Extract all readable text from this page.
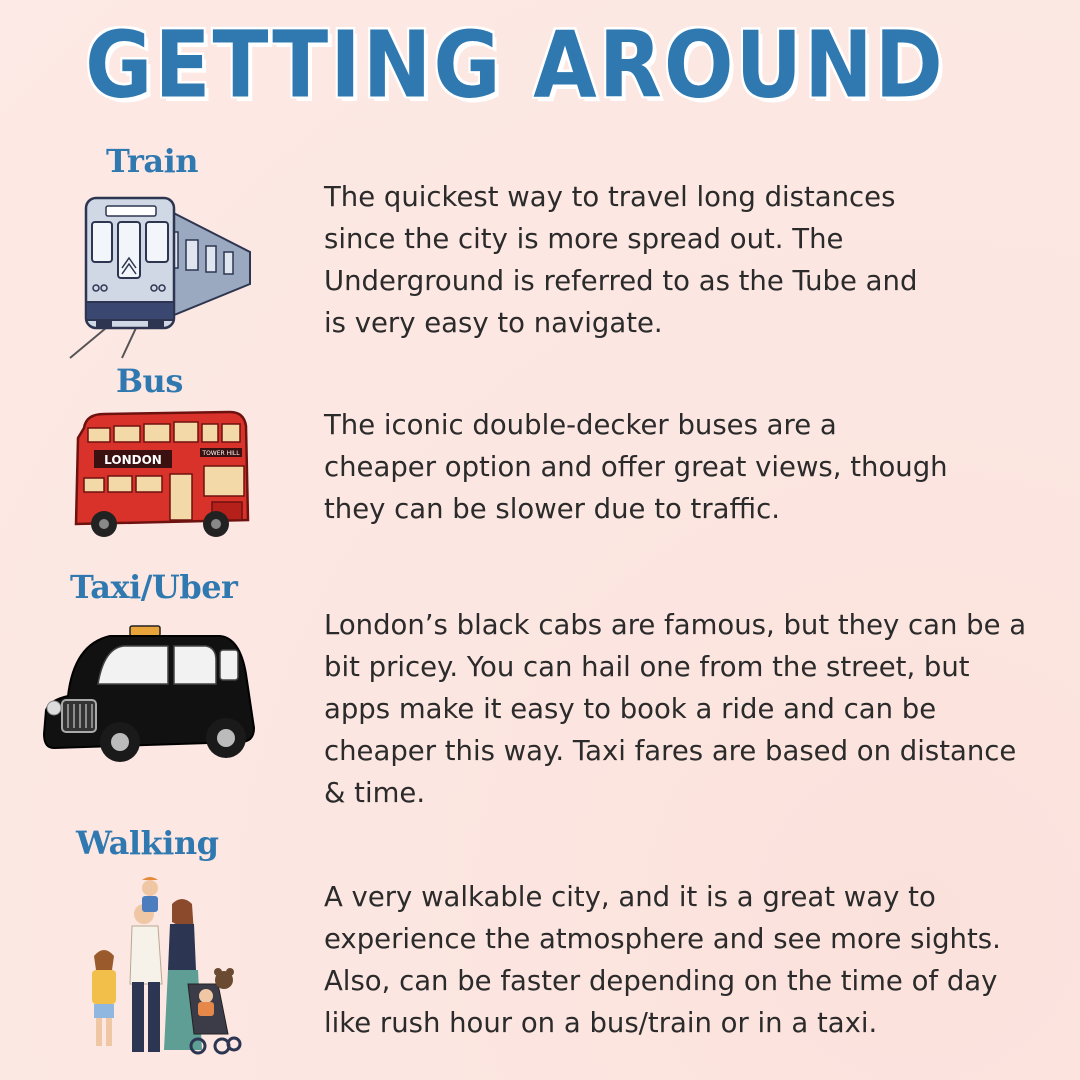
GETTING AROUND
Train
The quickest way to travel long distances
since the city is more spread out. The
Underground is referred to as the Tube and
is very easy to navigate.
Bus
LONDON	TOWER HILL
The iconic double-decker buses are a
cheaper option and offer great views, though
they can be slower due to traffic.
Taxi/Uber
London’s black cabs are famous, but they can be a
bit pricey. You can hail one from the street, but
apps make it easy to book a ride and can be
cheaper this way. Taxi fares are based on distance
& time.
Walking
A very walkable city, and it is a great way to
experience the atmosphere and see more sights.
Also, can be faster depending on the time of day
like rush hour on a bus/train or in a taxi.
